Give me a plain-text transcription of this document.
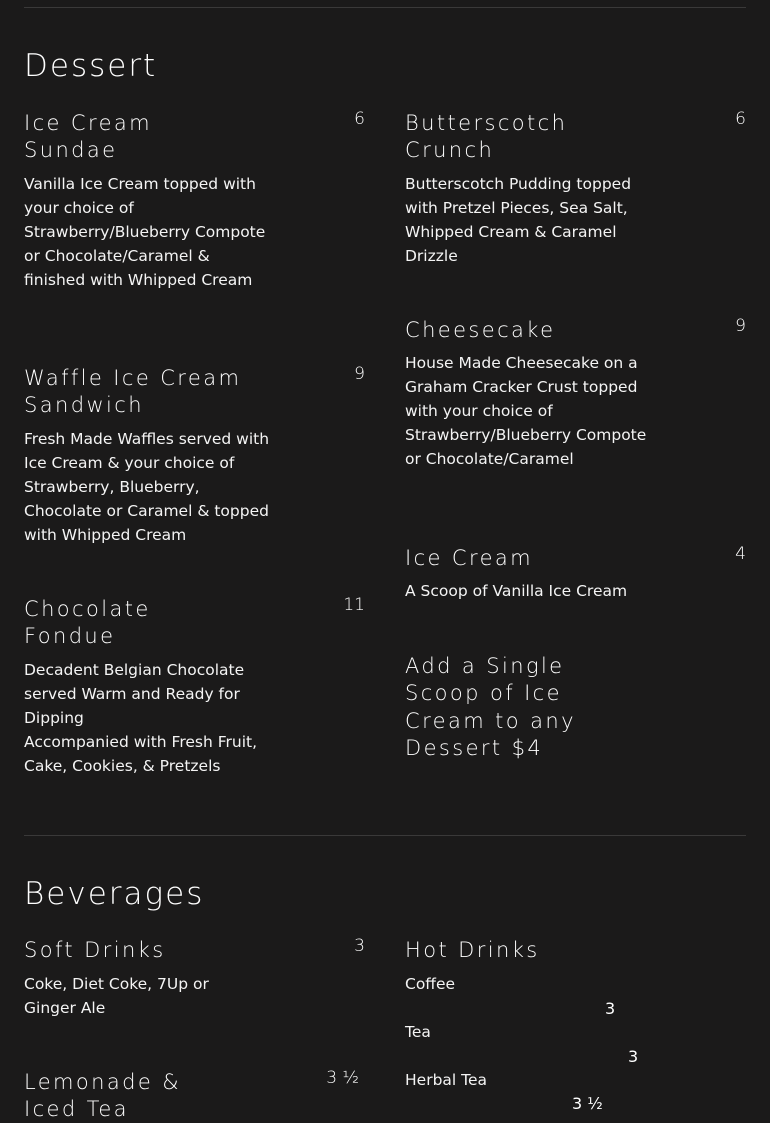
Dessert
Ice Cream Sundae
6

Vanilla Ice Cream topped with your choice of Strawberry/Blueberry Compote or Chocolate/Caramel & finished with Whipped Cream

Butterscotch Crunch
6

Butterscotch Pudding topped with Pretzel Pieces, Sea Salt, Whipped Cream & Caramel Drizzle

Waffle Ice Cream Sandwich
9

Fresh Made Waffles served with Ice Cream & your choice of Strawberry, Blueberry, Chocolate or Caramel & topped with Whipped Cream

Cheesecake	9

House Made Cheesecake on a Graham Cracker Crust topped with your choice of Strawberry/Blueberry Compote or Chocolate/Caramel

Ice Cream	4

A Scoop of Vanilla Ice Cream

Chocolate Fondue
11

Decadent Belgian Chocolate served Warm and Ready for Dipping

Accompanied with Fresh Fruit, Cake, Cookies, & Pretzels

Add a Single Scoop of Ice Cream to any Dessert $4

Beverages
Soft Drinks	3

Coke, Diet Coke, 7Up or Ginger Ale

Lemonade & Iced Tea
3 ½
Hot Drinks
Coffee
3
Tea
3
Herbal Tea
3 ½
